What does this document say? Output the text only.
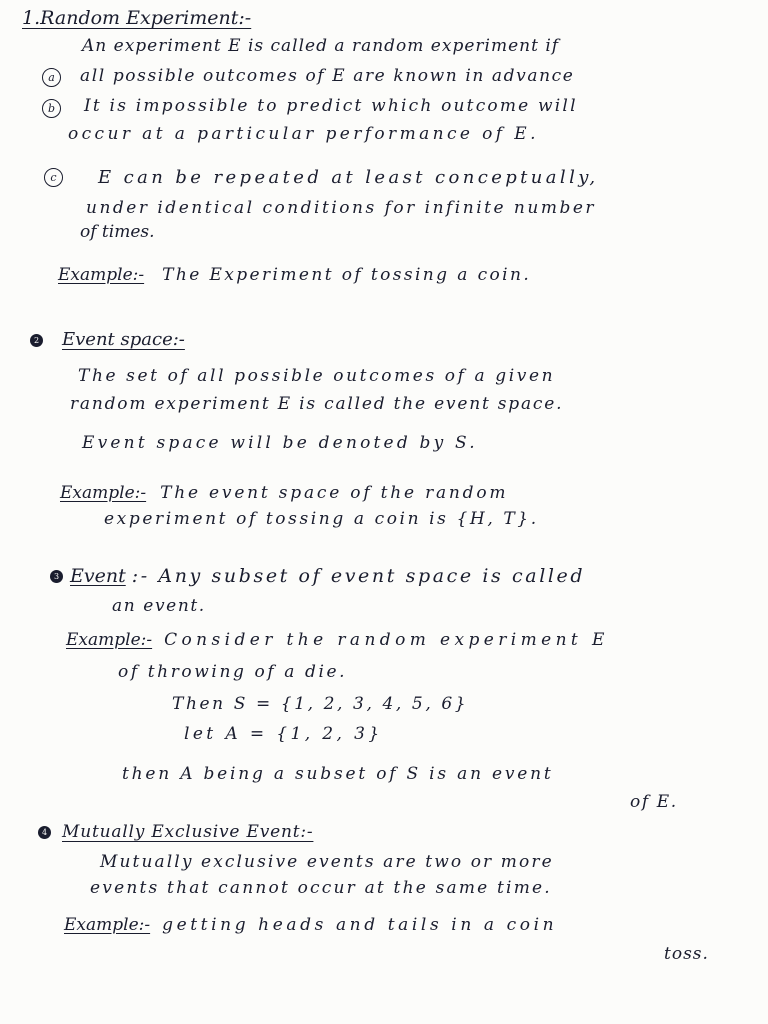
1.Random Experiment:-
An experiment E is called a random experiment if
a	all possible outcomes of E are known in advance
b	It is impossible to predict which outcome will
occur at a particular performance of E.
c	E can be repeated at least conceptually,
under identical conditions for infinite number
of times.
Example:- The Experiment of tossing a coin.
2 Event space:-
The set of all possible outcomes of a given
random experiment E is called the event space.
Event space will be denoted by S.
Example:- The event space of the random
experiment of tossing a coin is {H, T}.
3 Event :- Any subset of event space is called
an event.
Example:- Consider the random experiment E
of throwing of a die.
Then S = {1, 2, 3, 4, 5, 6}
let A = {1, 2, 3}
then A being a subset of S is an event
of E.
4 Mutually Exclusive Event:-
Mutually exclusive events are two or more
events that cannot occur at the same time.
Example:- getting heads and tails in a coin
toss.
